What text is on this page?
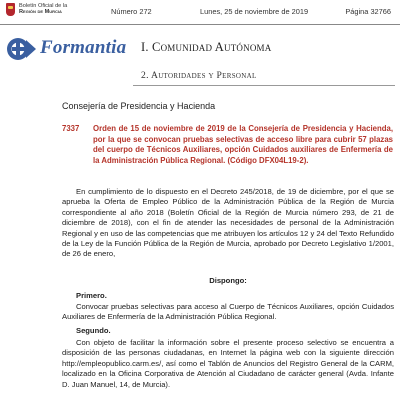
Boletín Oficial de la
Región de Murcia	Número 272	Lunes, 25 de noviembre de 2019	Página 32766
Formantia I. Comunidad Autónoma
2. Autoridades y Personal
Consejería de Presidencia y Hacienda
7337 Orden de 15 de noviembre de 2019 de la Consejería de Presidencia y Hacienda, por la que se convocan pruebas selectivas de acceso libre para cubrir 57 plazas del cuerpo de Técnicos Auxiliares, opción Cuidados auxiliares de Enfermería de la Administración Pública Regional. (Código DFX04L19-2).
En cumplimiento de lo dispuesto en el Decreto 245/2018, de 19 de diciembre, por el que se aprueba la Oferta de Empleo Público de la Administración Pública de la Región de Murcia correspondiente al año 2018 (Boletín Oficial de la Región de Murcia número 293, de 21 de diciembre de 2018), con el fin de atender las necesidades de personal de la Administración Regional y en uso de las competencias que me atribuyen los artículos 12 y 24 del Texto Refundido de la Ley de la Función Pública de la Región de Murcia, aprobado por Decreto Legislativo 1/2001, de 26 de enero,
Dispongo:
Primero.
Convocar pruebas selectivas para acceso al Cuerpo de Técnicos Auxiliares, opción Cuidados Auxiliares de Enfermería de la Administración Pública Regional.
Segundo.
Con objeto de facilitar la información sobre el presente proceso selectivo se encuentra a disposición de las personas ciudadanas, en Internet la página web con la siguiente dirección http://empleopublico.carm.es/, así como el Tablón de Anuncios del Registro General de la CARM, localizado en la Oficina Corporativa de Atención al Ciudadano de carácter general (Avda. Infante D. Juan Manuel, 14, de Murcia).
